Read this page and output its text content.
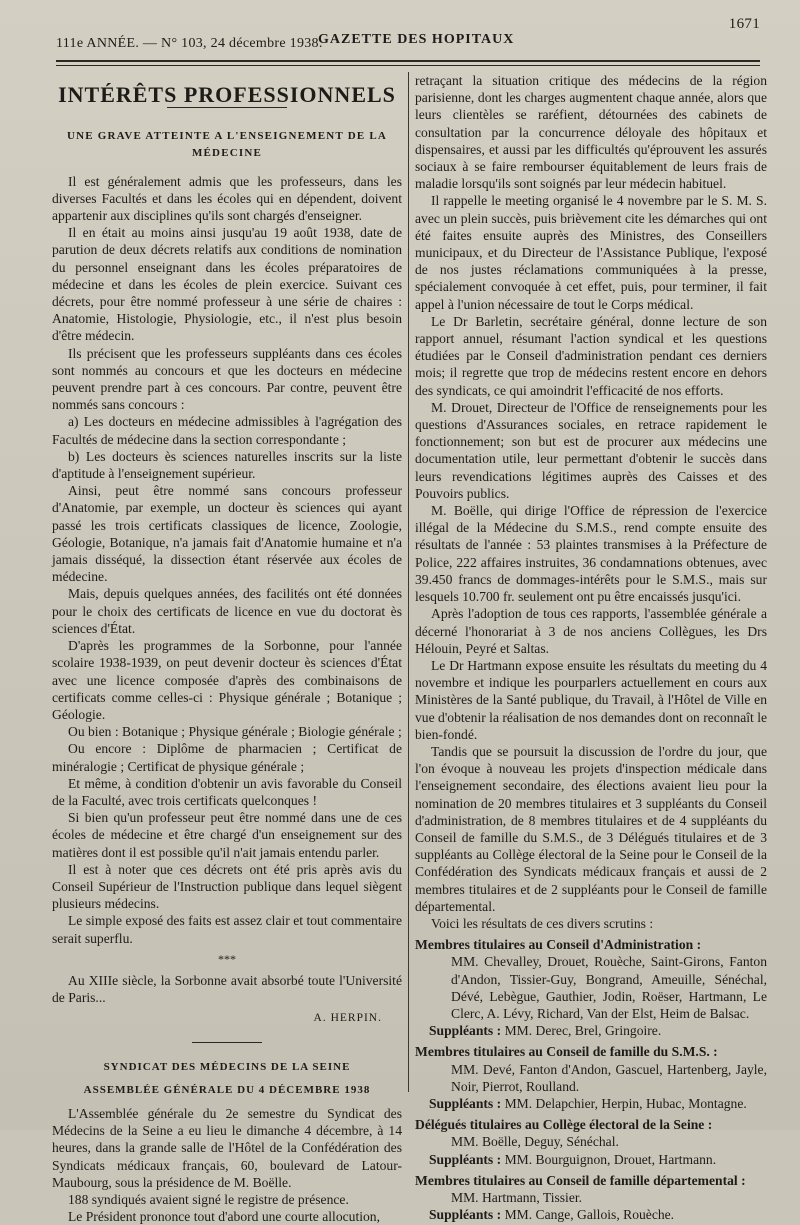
111e ANNÉE. — N° 103, 24 décembre 1938.
GAZETTE DES HOPITAUX
1671
INTÉRÊTS PROFESSIONNELS
UNE GRAVE ATTEINTE A L'ENSEIGNEMENT DE LA MÉDECINE

Il est généralement admis que les professeurs, dans les diverses Facultés et dans les écoles qui en dépendent, doivent appartenir aux disciplines qu'ils sont chargés d'enseigner.

Il en était au moins ainsi jusqu'au 19 août 1938, date de parution de deux décrets relatifs aux conditions de nomination du personnel enseignant dans les écoles préparatoires de médecine et dans les écoles de plein exercice. Suivant ces décrets, pour être nommé professeur à une série de chaires : Anatomie, Histologie, Physiologie, etc., il n'est plus besoin d'être médecin.

Ils précisent que les professeurs suppléants dans ces écoles sont nommés au concours et que les docteurs en médecine peuvent prendre part à ces concours. Par contre, peuvent être nommés sans concours :

a) Les docteurs en médecine admissibles à l'agrégation des Facultés de médecine dans la section correspondante ;

b) Les docteurs ès sciences naturelles inscrits sur la liste d'aptitude à l'enseignement supérieur.

Ainsi, peut être nommé sans concours professeur d'Anatomie, par exemple, un docteur ès sciences qui ayant passé les trois certificats classiques de licence, Zoologie, Géologie, Botanique, n'a jamais fait d'Anatomie humaine et n'a jamais disséqué, la dissection étant réservée aux écoles de médecine.

Mais, depuis quelques années, des facilités ont été données pour le choix des certificats de licence en vue du doctorat ès sciences d'État.

D'après les programmes de la Sorbonne, pour l'année scolaire 1938-1939, on peut devenir docteur ès sciences d'État avec une licence composée d'après des combinaisons de certificats comme celles-ci : Physique générale ; Botanique ; Géologie.

Ou bien : Botanique ; Physique générale ; Biologie générale ;

Ou encore : Diplôme de pharmacien ; Certificat de minéralogie ; Certificat de physique générale ;

Et même, à condition d'obtenir un avis favorable du Conseil de la Faculté, avec trois certificats quelconques !

Si bien qu'un professeur peut être nommé dans une de ces écoles de médecine et être chargé d'un enseignement sur des matières dont il est possible qu'il n'ait jamais entendu parler.

Il est à noter que ces décrets ont été pris après avis du Conseil Supérieur de l'Instruction publique dans lequel siègent plusieurs médecins.

Le simple exposé des faits est assez clair et tout commentaire serait superflu.

***

Au XIIIe siècle, la Sorbonne avait absorbé toute l'Université de Paris...

A. HERPIN.
SYNDICAT DES MÉDECINS DE LA SEINE
ASSEMBLÉE GÉNÉRALE DU 4 DÉCEMBRE 1938

L'Assemblée générale du 2e semestre du Syndicat des Médecins de la Seine a eu lieu le dimanche 4 décembre, à 14 heures, dans la grande salle de l'Hôtel de la Confédération des Syndicats médicaux français, 60, boulevard de Latour-Maubourg, sous la présidence de M. Boëlle.

188 syndiqués avaient signé le registre de présence.

Le Président prononce tout d'abord une courte allocution,

retraçant la situation critique des médecins de la région parisienne, dont les charges augmentent chaque année, alors que leurs clientèles se raréfient, détournées des cabinets de consultation par la concurrence déloyale des hôpitaux et dispensaires, et aussi par les difficultés qu'éprouvent les assurés sociaux à se faire rembourser équitablement de leurs frais de maladie lorsqu'ils sont soignés par leur médecin habituel.

Il rappelle le meeting organisé le 4 novembre par le S. M. S. avec un plein succès, puis brièvement cite les démarches qui ont été faites ensuite auprès des Ministres, des Conseillers municipaux, et du Directeur de l'Assistance Publique, l'exposé de nos justes réclamations communiquées à la presse, spécialement convoquée à cet effet, puis, pour terminer, il fait appel à l'union nécessaire de tout le Corps médical.

Le Dr Barletin, secrétaire général, donne lecture de son rapport annuel, résumant l'action syndical et les questions étudiées par le Conseil d'administration pendant ces derniers mois; il regrette que trop de médecins restent encore en dehors des syndicats, ce qui amoindrit l'efficacité de nos efforts.

M. Drouet, Directeur de l'Office de renseignements pour les questions d'Assurances sociales, en retrace rapidement le fonctionnement; son but est de procurer aux médecins une documentation utile, leur permettant d'obtenir le succès dans leurs revendications légitimes auprès des Caisses et des Pouvoirs publics.

M. Boëlle, qui dirige l'Office de répression de l'exercice illégal de la Médecine du S.M.S., rend compte ensuite des résultats de l'année : 53 plaintes transmises à la Préfecture de Police, 222 affaires instruites, 36 condamnations obtenues, avec 39.450 francs de dommages-intérêts pour le S.M.S., mais sur lesquels 10.700 fr. seulement ont pu être encaissés jusqu'ici.

Après l'adoption de tous ces rapports, l'assemblée générale a décerné l'honorariat à 3 de nos anciens Collègues, les Drs Hélouin, Peyré et Saltas.

Le Dr Hartmann expose ensuite les résultats du meeting du 4 novembre et indique les pourparlers actuellement en cours aux Ministères de la Santé publique, du Travail, à l'Hôtel de Ville en vue d'obtenir la réalisation de nos demandes dont on reconnaît le bien-fondé.

Tandis que se poursuit la discussion de l'ordre du jour, que l'on évoque à nouveau les projets d'inspection médicale dans l'enseignement secondaire, des élections avaient lieu pour la nomination de 20 membres titulaires et 3 suppléants du Conseil d'administration, de 8 membres titulaires et de 4 suppléants du Conseil de famille du S.M.S., de 3 Délégués titulaires et de 3 suppléants au Collège électoral de la Seine pour le Conseil de la Confédération des Syndicats médicaux français et aussi de 2 membres titulaires et de 2 suppléants pour le Conseil de famille départemental.

Voici les résultats de ces divers scrutins :

Membres titulaires au Conseil d'Administration :

MM. Chevalley, Drouet, Rouèche, Saint-Girons, Fanton d'Andon, Tissier-Guy, Bongrand, Ameuille, Sénéchal, Dévé, Lebègue, Gauthier, Jodin, Roëser, Hartmann, Le Clerc, A. Lévy, Richard, Van der Elst, Heim de Balsac.

Suppléants : MM. Derec, Brel, Gringoire.

Membres titulaires au Conseil de famille du S.M.S. :

MM. Devé, Fanton d'Andon, Gascuel, Hartenberg, Jayle, Noir, Pierrot, Roulland.

Suppléants : MM. Delapchier, Herpin, Hubac, Montagne.

Délégués titulaires au Collège électoral de la Seine :

MM. Boëlle, Deguy, Sénéchal.

Suppléants : MM. Bourguignon, Drouet, Hartmann.

Membres titulaires au Conseil de famille départemental :

MM. Hartmann, Tissier.

Suppléants : MM. Cange, Gallois, Rouèche.
